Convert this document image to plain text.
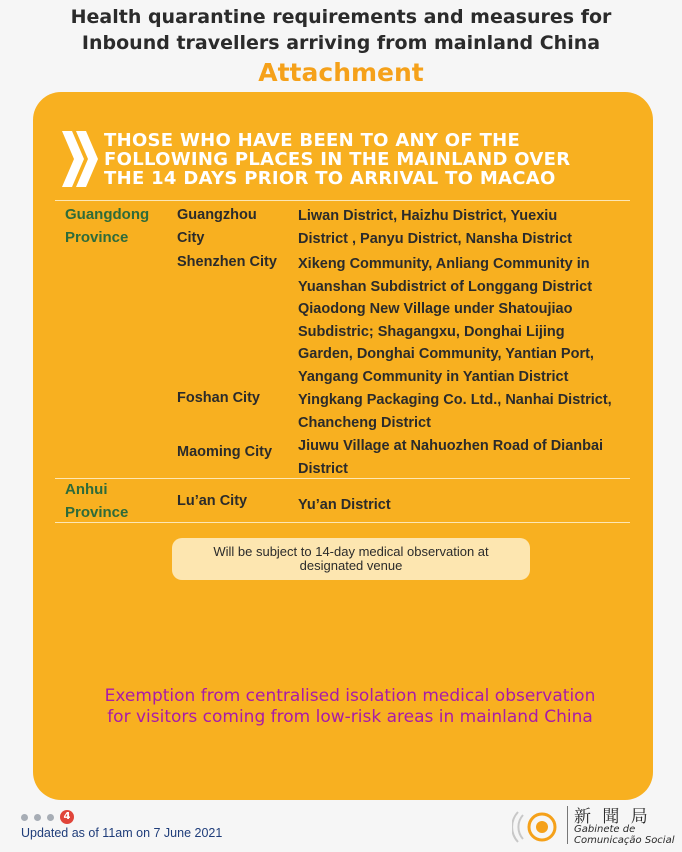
Health quarantine requirements and measures for
Inbound travellers arriving from mainland China
Attachment
THOSE WHO HAVE BEEN TO ANY OF THE
FOLLOWING PLACES IN THE MAINLAND OVER
THE 14 DAYS PRIOR TO ARRIVAL TO MACAO
Guangdong
Province
Guangzhou
City
Liwan District, Haizhu District, Yuexiu
District , Panyu District, Nansha District
Shenzhen City Xikeng Community, Anliang Community in
Yuanshan Subdistrict of Longgang District
Qiaodong New Village under Shatoujiao
Subdistric; Shagangxu, Donghai Lijing
Garden, Donghai Community, Yantian Port,
Yangang Community in Yantian District
Foshan City	Yingkang Packaging Co. Ltd., Nanhai District,
Chancheng District
Maoming City Jiuwu Village at Nahuozhen Road of Dianbai
District
Anhui
Province
Lu’an City	Yu’an District
Will be subject to 14-day medical observation at
designated venue
Exemption from centralised isolation medical observation
for visitors coming from low-risk areas in mainland China
4
Updated as of 11am on 7 June 2021
新 聞 局
Gabinete de
Comunicação Social
